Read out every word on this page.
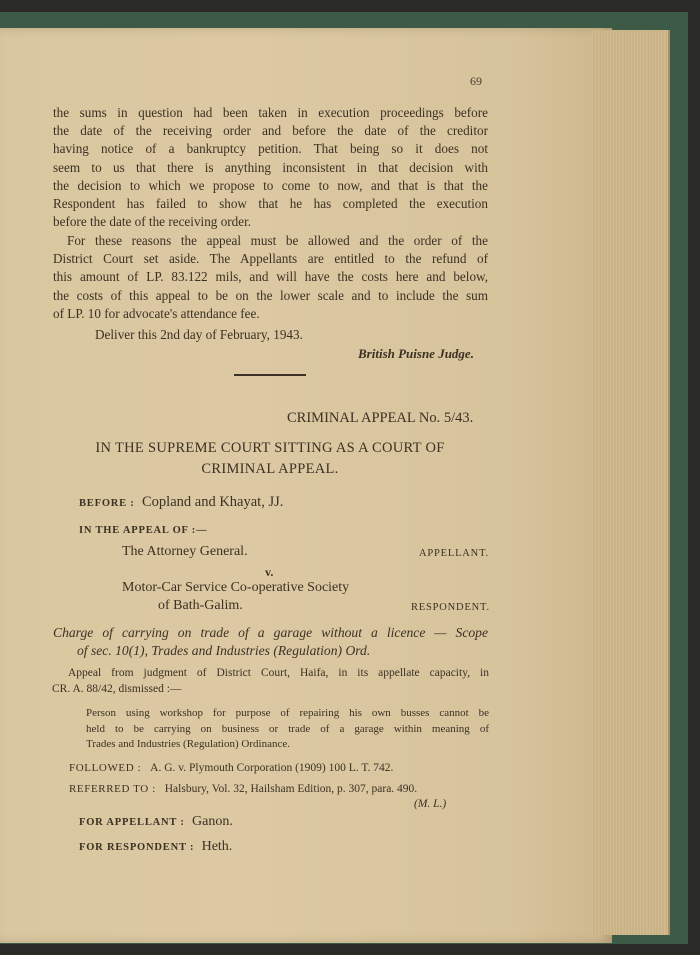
69
the sums in question had been taken in execution proceedings before
the date of the receiving order and before the date of the creditor
having notice of a bankruptcy petition. That being so it does not
seem to us that there is anything inconsistent in that decision with
the decision to which we propose to come to now, and that is that the
Respondent has failed to show that he has completed the execution
before the date of the receiving order.
For these reasons the appeal must be allowed and the order of the
District Court set aside. The Appellants are entitled to the refund of
this amount of LP. 83.122 mils, and will have the costs here and below,
the costs of this appeal to be on the lower scale and to include the sum
of LP. 10 for advocate's attendance fee.
Deliver this 2nd day of February, 1943.
British Puisne Judge.
CRIMINAL APPEAL No. 5/43.
IN THE SUPREME COURT SITTING AS A COURT OF
CRIMINAL APPEAL.
BEFORE : Copland and Khayat, JJ.
IN THE APPEAL OF :—
The Attorney General.	APPELLANT.
v.
Motor-Car Service Co-operative Society
of Bath-Galim.	RESPONDENT.
Charge of carrying on trade of a garage without a licence — Scope
of sec. 10(1), Trades and Industries (Regulation) Ord.
Appeal from judgment of District Court, Haifa, in its appellate capacity, in
CR. A. 88/42, dismissed :—
Person using workshop for purpose of repairing his own busses cannot be
held to be carrying on business or trade of a garage within meaning of
Trades and Industries (Regulation) Ordinance.
FOLLOWED : A. G. v. Plymouth Corporation (1909) 100 L. T. 742.
REFERRED TO : Halsbury, Vol. 32, Hailsham Edition, p. 307, para. 490.
(M. L.)
FOR APPELLANT : Ganon.
FOR RESPONDENT : Heth.
